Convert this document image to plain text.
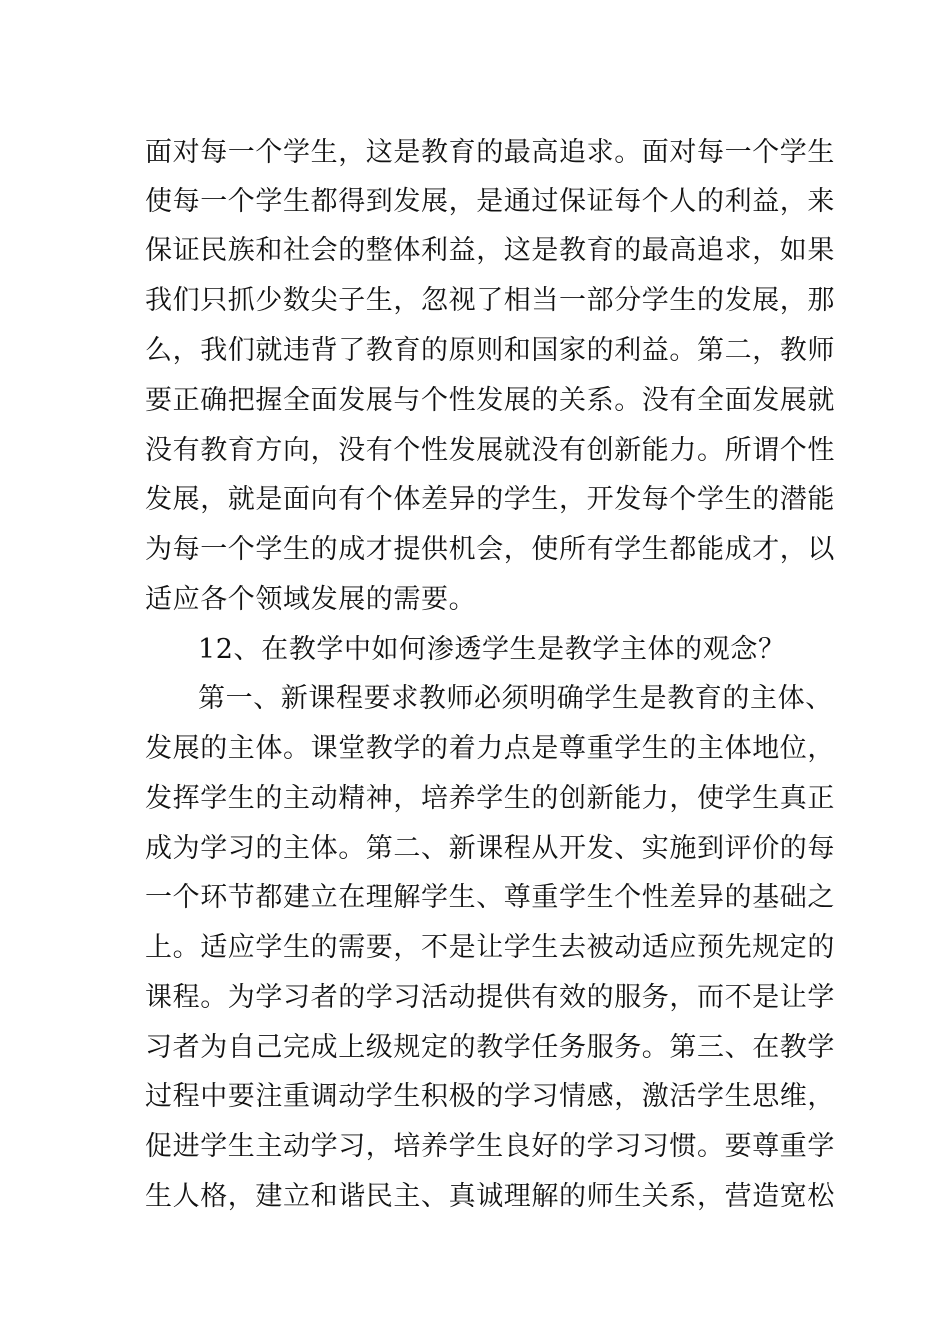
面对每一个学生，这是教育的最高追求。面对每一个学生
使每一个学生都得到发展，是通过保证每个人的利益，来
保证民族和社会的整体利益，这是教育的最高追求，如果
我们只抓少数尖子生，忽视了相当一部分学生的发展，那
么，我们就违背了教育的原则和国家的利益。第二，教师
要正确把握全面发展与个性发展的关系。没有全面发展就
没有教育方向，没有个性发展就没有创新能力。所谓个性
发展，就是面向有个体差异的学生，开发每个学生的潜能
为每一个学生的成才提供机会，使所有学生都能成才，以
适应各个领域发展的需要。
12、在教学中如何渗透学生是教学主体的观念？
第一、新课程要求教师必须明确学生是教育的主体、
发展的主体。课堂教学的着力点是尊重学生的主体地位，
发挥学生的主动精神，培养学生的创新能力，使学生真正
成为学习的主体。第二、新课程从开发、实施到评价的每
一个环节都建立在理解学生、尊重学生个性差异的基础之
上。适应学生的需要，不是让学生去被动适应预先规定的
课程。为学习者的学习活动提供有效的服务，而不是让学
习者为自己完成上级规定的教学任务服务。第三、在教学
过程中要注重调动学生积极的学习情感，激活学生思维，
促进学生主动学习，培养学生良好的学习习惯。要尊重学
生人格，建立和谐民主、真诚理解的师生关系，营造宽松
